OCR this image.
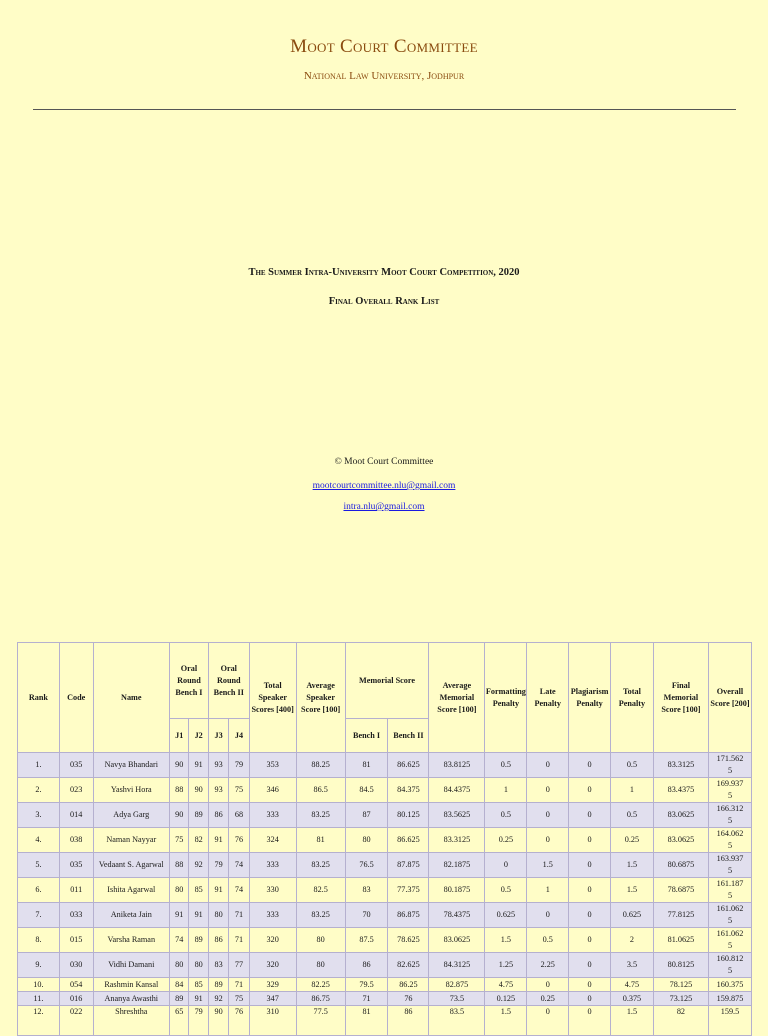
Moot Court Committee
National Law University, Jodhpur
The Summer Intra-University Moot Court Competition, 2020
Final Overall Rank List
© Moot Court Committee
mootcourtcommittee.nlu@gmail.com
intra.nlu@gmail.com
Rank	Code	Name	Oral Round Bench I		Oral Round Bench II		Total Speaker Scores [400]	Average Speaker Score [100]	Memorial Score		Average Memorial Score [100]	Formatting Penalty	Late Penalty	Plagiarism Penalty	Total Penalty	Final Memorial Score [100]	Overall Score [200]
			J1	J2	J3	J4			Bench I	Bench II							
1.	035	Navya Bhandari	90	91	93	79	353	88.25	81	86.625	83.8125	0.5	0	0	0.5	83.3125	171.5625
2.	023	Yashvi Hora	88	90	93	75	346	86.5	84.5	84.375	84.4375	1	0	0	1	83.4375	169.9375
3.	014	Adya Garg	90	89	86	68	333	83.25	87	80.125	83.5625	0.5	0	0	0.5	83.0625	166.3125
4.	038	Naman Nayyar	75	82	91	76	324	81	80	86.625	83.3125	0.25	0	0	0.25	83.0625	164.0625
5.	035	Vedaant S. Agarwal	88	92	79	74	333	83.25	76.5	87.875	82.1875	0	1.5	0	1.5	80.6875	163.9375
6.	011	Ishita Agarwal	80	85	91	74	330	82.5	83	77.375	80.1875	0.5	1	0	1.5	78.6875	161.1875
7.	033	Aniketa Jain	91	91	80	71	333	83.25	70	86.875	78.4375	0.625	0	0	0.625	77.8125	161.0625
8.	015	Varsha Raman	74	89	86	71	320	80	87.5	78.625	83.0625	1.5	0.5	0	2	81.0625	161.0625
9.	030	Vidhi Damani	80	80	83	77	320	80	86	82.625	84.3125	1.25	2.25	0	3.5	80.8125	160.8125
10.	054	Rashmin Kansal	84	85	89	71	329	82.25	79.5	86.25	82.875	4.75	0	0	4.75	78.125	160.375
11.	016	Ananya Awasthi	89	91	92	75	347	86.75	71	76	73.5	0.125	0.25	0	0.375	73.125	159.875
12.	022	Shreshtha	65	79	90	76	310	77.5	81	86	83.5	1.5	0	0	1.5	82	159.5
